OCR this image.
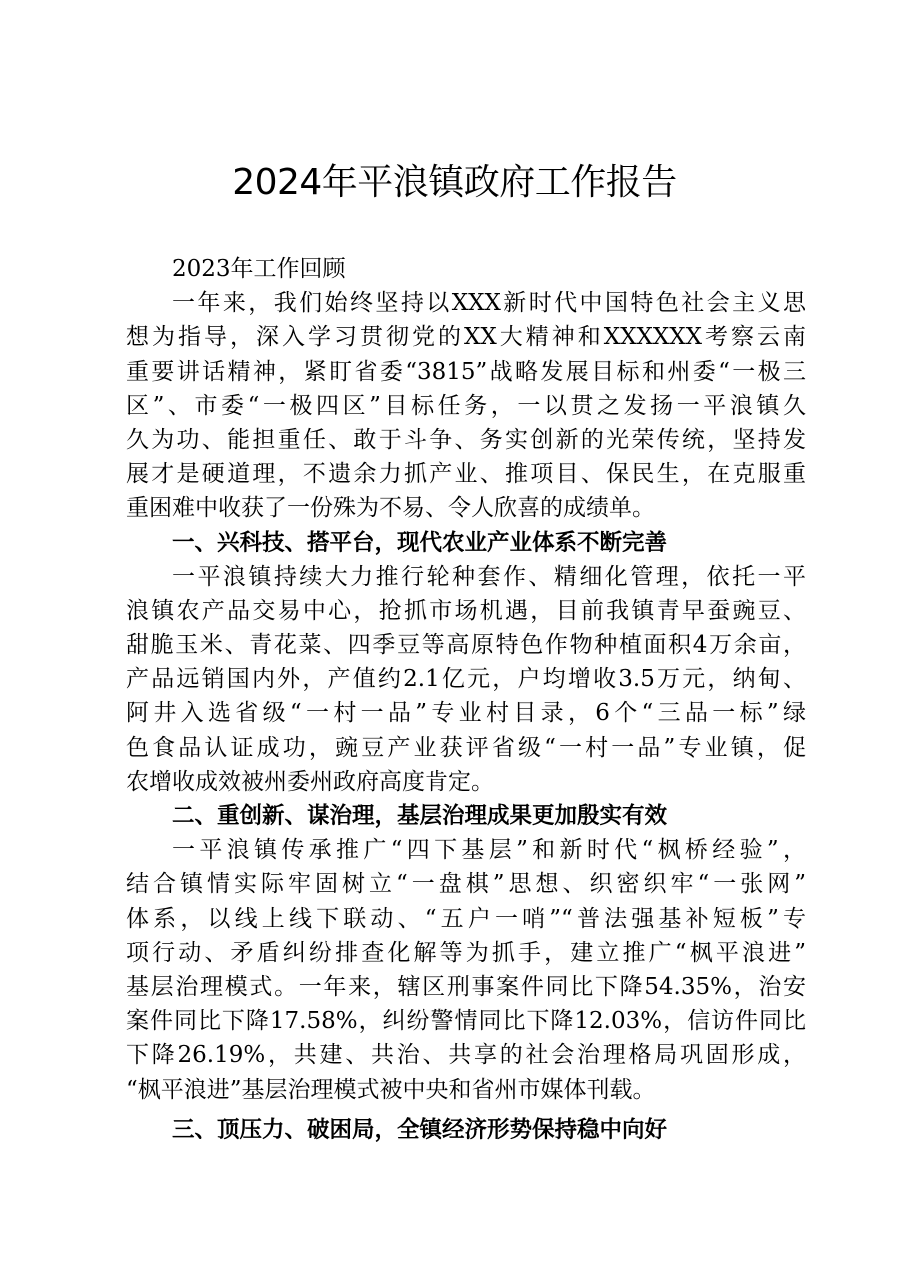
2024年平浪镇政府工作报告
2023年工作回顾
一年来，我们始终坚持以XXX新时代中国特色社会主义思
想为指导，深入学习贯彻党的XX大精神和XXXXXX考察云南
重要讲话精神，紧盯省委“3815”战略发展目标和州委“一极三
区”、市委“一极四区”目标任务，一以贯之发扬一平浪镇久
久为功、能担重任、敢于斗争、务实创新的光荣传统，坚持发
展才是硬道理，不遗余力抓产业、推项目、保民生，在克服重
重困难中收获了一份殊为不易、令人欣喜的成绩单。
一、兴科技、搭平台，现代农业产业体系不断完善
一平浪镇持续大力推行轮种套作、精细化管理，依托一平
浪镇农产品交易中心，抢抓市场机遇，目前我镇青早蚕豌豆、
甜脆玉米、青花菜、四季豆等高原特色作物种植面积4万余亩，
产品远销国内外，产值约2.1亿元，户均增收3.5万元，纳甸、
阿井入选省级“一村一品”专业村目录，6个“三品一标”绿
色食品认证成功，豌豆产业获评省级“一村一品”专业镇，促
农增收成效被州委州政府高度肯定。
二、重创新、谋治理，基层治理成果更加殷实有效
一平浪镇传承推广“四下基层”和新时代“枫桥经验”，
结合镇情实际牢固树立“一盘棋”思想、织密织牢“一张网”
体系，以线上线下联动、“五户一哨”“普法强基补短板”专
项行动、矛盾纠纷排查化解等为抓手，建立推广“枫平浪进”
基层治理模式。一年来，辖区刑事案件同比下降54.35%，治安
案件同比下降17.58%，纠纷警情同比下降12.03%，信访件同比
下降26.19%，共建、共治、共享的社会治理格局巩固形成，
“枫平浪进”基层治理模式被中央和省州市媒体刊载。
三、顶压力、破困局，全镇经济形势保持稳中向好
